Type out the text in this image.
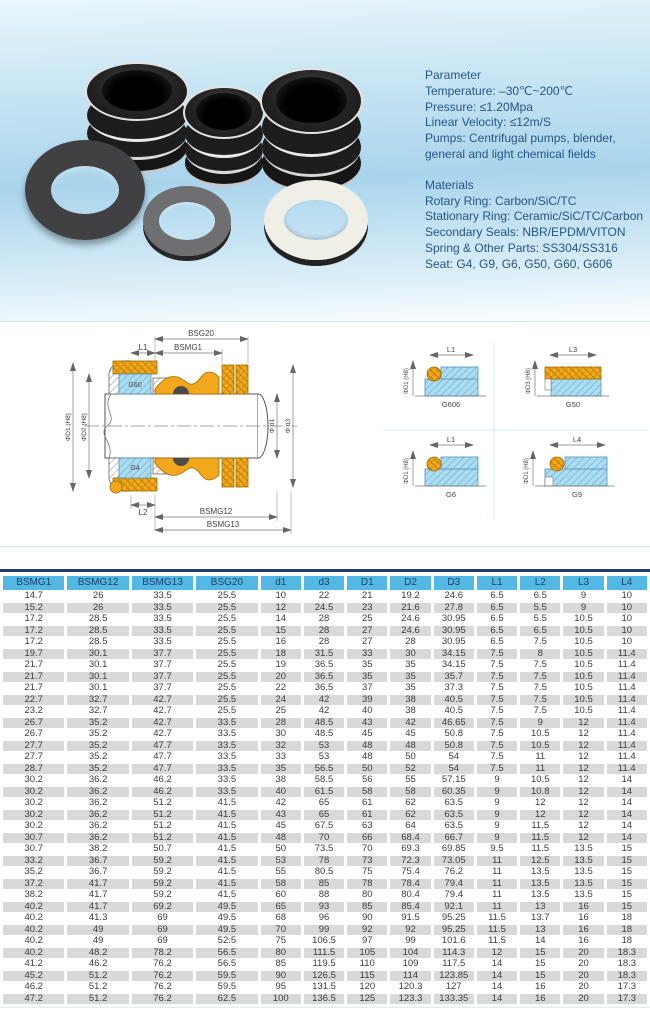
Parameter
Temperature: –30℃~200℃
Pressure: ≤1.20Mpa
Linear Velocity: ≤12m/S
Pumps: Centrifugal pumps, blender,
general and light chemical fields
Materials
Rotary Ring: Carbon/SiC/TC
Stationary Ring: Ceramic/SiC/TC/Carbon
Secondary Seals: NBR/EPDM/VITON
Spring & Other Parts: SS304/SS316
Seat: G4, G9, G6, G50, G60, G606
G60
G4
BSG20
BSMG1
L1
L2	BSMG12
BSMG13
ΦD1 (H8) ΦD2 (H8)	Φ d1 Φ d3
L1
ΦD1 (H8)
G606
L3
ΦD3 (H8)
G50
L1
ΦD1 (H8)
G6
L4
ΦD1 (H8)
G9
BSMG1	BSMG12	BSMG13	BSG20	d1	d3	D1	D2	D3	L1	L2	L3	L4
14.7	26	33.5	25.5	10	22	21	19.2	24.6	6.5	6.5	9	10
15.2	26	33.5	25.5	12	24.5	23	21.6	27.8	6.5	5.5	9	10
17.2	28.5	33.5	25.5	14	28	25	24.6	30.95	6.5	5.5	10.5	10
17.2	28.5	33.5	25.5	15	28	27	24.6	30.95	6.5	6.5	10.5	10
17.2	28.5	33.5	25.5	16	28	27	28	30.95	6.5	7.5	10.5	10
19.7	30.1	37.7	25.5	18	31.5	33	30	34.15	7.5	8	10.5	11.4
21.7	30.1	37.7	25.5	19	36.5	35	35	34.15	7.5	7.5	10.5	11.4
21.7	30.1	37.7	25.5	20	36.5	35	35	35.7	7.5	7.5	10.5	11.4
21.7	30.1	37.7	25.5	22	36.5	37	35	37.3	7.5	7.5	10.5	11.4
22.7	32.7	42.7	25.5	24	42	39	38	40.5	7.5	7.5	10.5	11.4
23.2	32.7	42.7	25.5	25	42	40	38	40.5	7.5	7.5	10.5	11.4
26.7	35.2	42.7	33.5	28	48.5	43	42	46.65	7.5	9	12	11.4
26.7	35.2	42.7	33.5	30	48.5	45	45	50.8	7.5	10.5	12	11.4
27.7	35.2	47.7	33.5	32	53	48	48	50.8	7.5	10.5	12	11.4
27.7	35.2	47.7	33.5	33	53	48	50	54	7.5	11	12	11.4
28.7	35.2	47.7	33.5	35	56.5	50	52	54	7.5	11	12	11.4
30.2	36.2	46.2	33.5	38	58.5	56	55	57.15	9	10.5	12	14
30.2	36.2	46.2	33.5	40	61.5	58	58	60.35	9	10.8	12	14
30.2	36.2	51.2	41.5	42	65	61	62	63.5	9	12	12	14
30.2	36.2	51.2	41.5	43	65	61	62	63.5	9	12	12	14
30.2	36.2	51.2	41.5	45	67.5	63	64	63.5	9	11.5	12	14
30.7	36.2	51.2	41.5	48	70	66	68.4	66.7	9	11.5	12	14
30.7	38.2	50.7	41.5	50	73.5	70	69.3	69.85	9.5	11.5	13.5	15
33.2	36.7	59.2	41.5	53	78	73	72.3	73.05	11	12.5	13.5	15
35.2	36.7	59.2	41.5	55	80.5	75	75.4	76.2	11	13.5	13.5	15
37.2	41.7	59.2	41.5	58	85	78	78.4	79.4	11	13.5	13.5	15
38.2	41.7	59.2	41.5	60	88	80	80.4	79.4	11	13.5	13.5	15
40.2	41.7	69.2	49.5	65	93	85	85.4	92.1	11	13	16	15
40.2	41.3	69	49.5	68	96	90	91.5	95.25	11.5	13.7	16	18
40.2	49	69	49.5	70	99	92	92	95.25	11.5	13	16	18
40.2	49	69	52.5	75	106.5	97	99	101.6	11.5	14	16	18
40.2	48.2	78.2	56.5	80	111.5	105	104	114.3	12	15	20	18.3
41.2	46.2	76.2	56.5	85	119.5	110	109	117.5	14	15	20	18.3
45.2	51.2	76.2	59.5	90	126.5	115	114	123.85	14	15	20	18.3
46.2	51.2	76.2	59.5	95	131.5	120	120.3	127	14	16	20	17.3
47.2	51.2	76.2	62.5	100	136.5	125	123.3	133.35	14	16	20	17.3
